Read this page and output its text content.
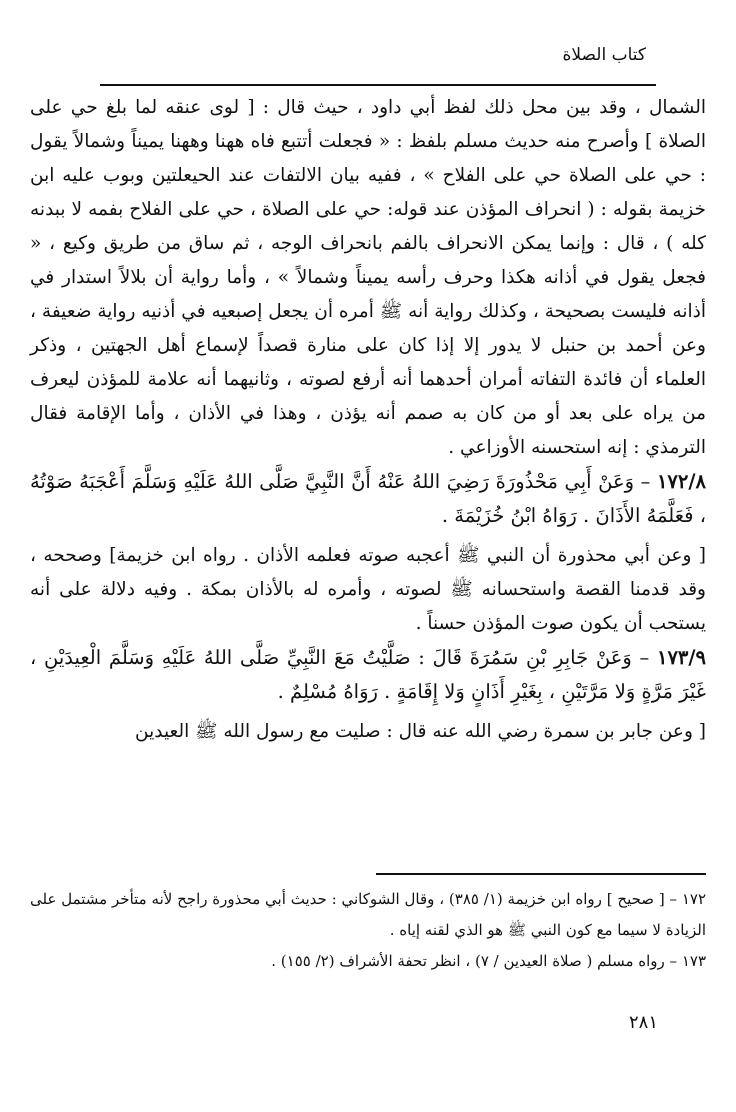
كتاب الصلاة

الشمال ، وقد بين محل ذلك لفظ أبي داود ، حيث قال : [ لوى عنقه لما بلغ حي على الصلاة ] وأصرح منه حديث مسلم بلفظ : « فجعلت أتتبع فاه ههنا وههنا يميناً وشمالاً يقول : حي على الصلاة حي على الفلاح » ، ففيه بيان الالتفات عند الحيعلتين وبوب عليه ابن خزيمة بقوله : ( انحراف المؤذن عند قوله: حي على الصلاة ، حي على الفلاح بفمه لا ببدنه كله ) ، قال : وإنما يمكن الانحراف بالفم بانحراف الوجه ، ثم ساق من طريق وكيع ، « فجعل يقول في أذانه هكذا وحرف رأسه يميناً وشمالاً » ، وأما رواية أن بلالاً استدار في أذانه فليست بصحيحة ، وكذلك رواية أنه ﷺ أمره أن يجعل إصبعيه في أذنيه رواية ضعيفة ، وعن أحمد بن حنبل لا يدور إلا إذا كان على منارة قصداً لإسماع أهل الجهتين ، وذكر العلماء أن فائدة التفاته أمران أحدهما أنه أرفع لصوته ، وثانيهما أنه علامة للمؤذن ليعرف من يراه على بعد أو من كان به صمم أنه يؤذن ، وهذا في الأذان ، وأما الإقامة فقال الترمذي : إنه استحسنه الأوزاعي .

١٧٢/٨ – وَعَنْ أَبِي مَحْذُورَةَ رَضِيَ اللهُ عَنْهُ أَنَّ النَّبِيَّ صَلَّى اللهُ عَلَيْهِ وَسَلَّمَ أَعْجَبَهُ صَوْتُهُ ، فَعَلَّمَهُ الأَذَانَ . رَوَاهُ ابْنُ خُزَيْمَةَ .

[ وعن أبي محذورة أن النبي ﷺ أعجبه صوته فعلمه الأذان . رواه ابن خزيمة] وصححه ، وقد قدمنا القصة واستحسانه ﷺ لصوته ، وأمره له بالأذان بمكة . وفيه دلالة على أنه يستحب أن يكون صوت المؤذن حسناً .

١٧٣/٩ – وَعَنْ جَابِرِ بْنِ سَمُرَةَ قَالَ : صَلَّيْتُ مَعَ النَّبِيِّ صَلَّى اللهُ عَلَيْهِ وَسَلَّمَ الْعِيدَيْنِ ، غَيْرَ مَرَّةٍ وَلا مَرَّتَيْنِ ، بِغَيْرِ أَذَانٍ وَلا إِقَامَةٍ . رَوَاهُ مُسْلِمٌ .

[ وعن جابر بن سمرة رضي الله عنه قال : صليت مع رسول الله ﷺ العيدين

١٧٢ – [ صحيح ] رواه ابن خزيمة (١/ ٣٨٥) ، وقال الشوكاني : حديث أبي محذورة راجح لأنه متأخر مشتمل على الزيادة لا سيما مع كون النبي ﷺ هو الذي لقنه إياه .

١٧٣ – رواه مسلم ( صلاة العيدين / ٧) ، انظر تحفة الأشراف (٢/ ١٥٥) .

٢٨١
